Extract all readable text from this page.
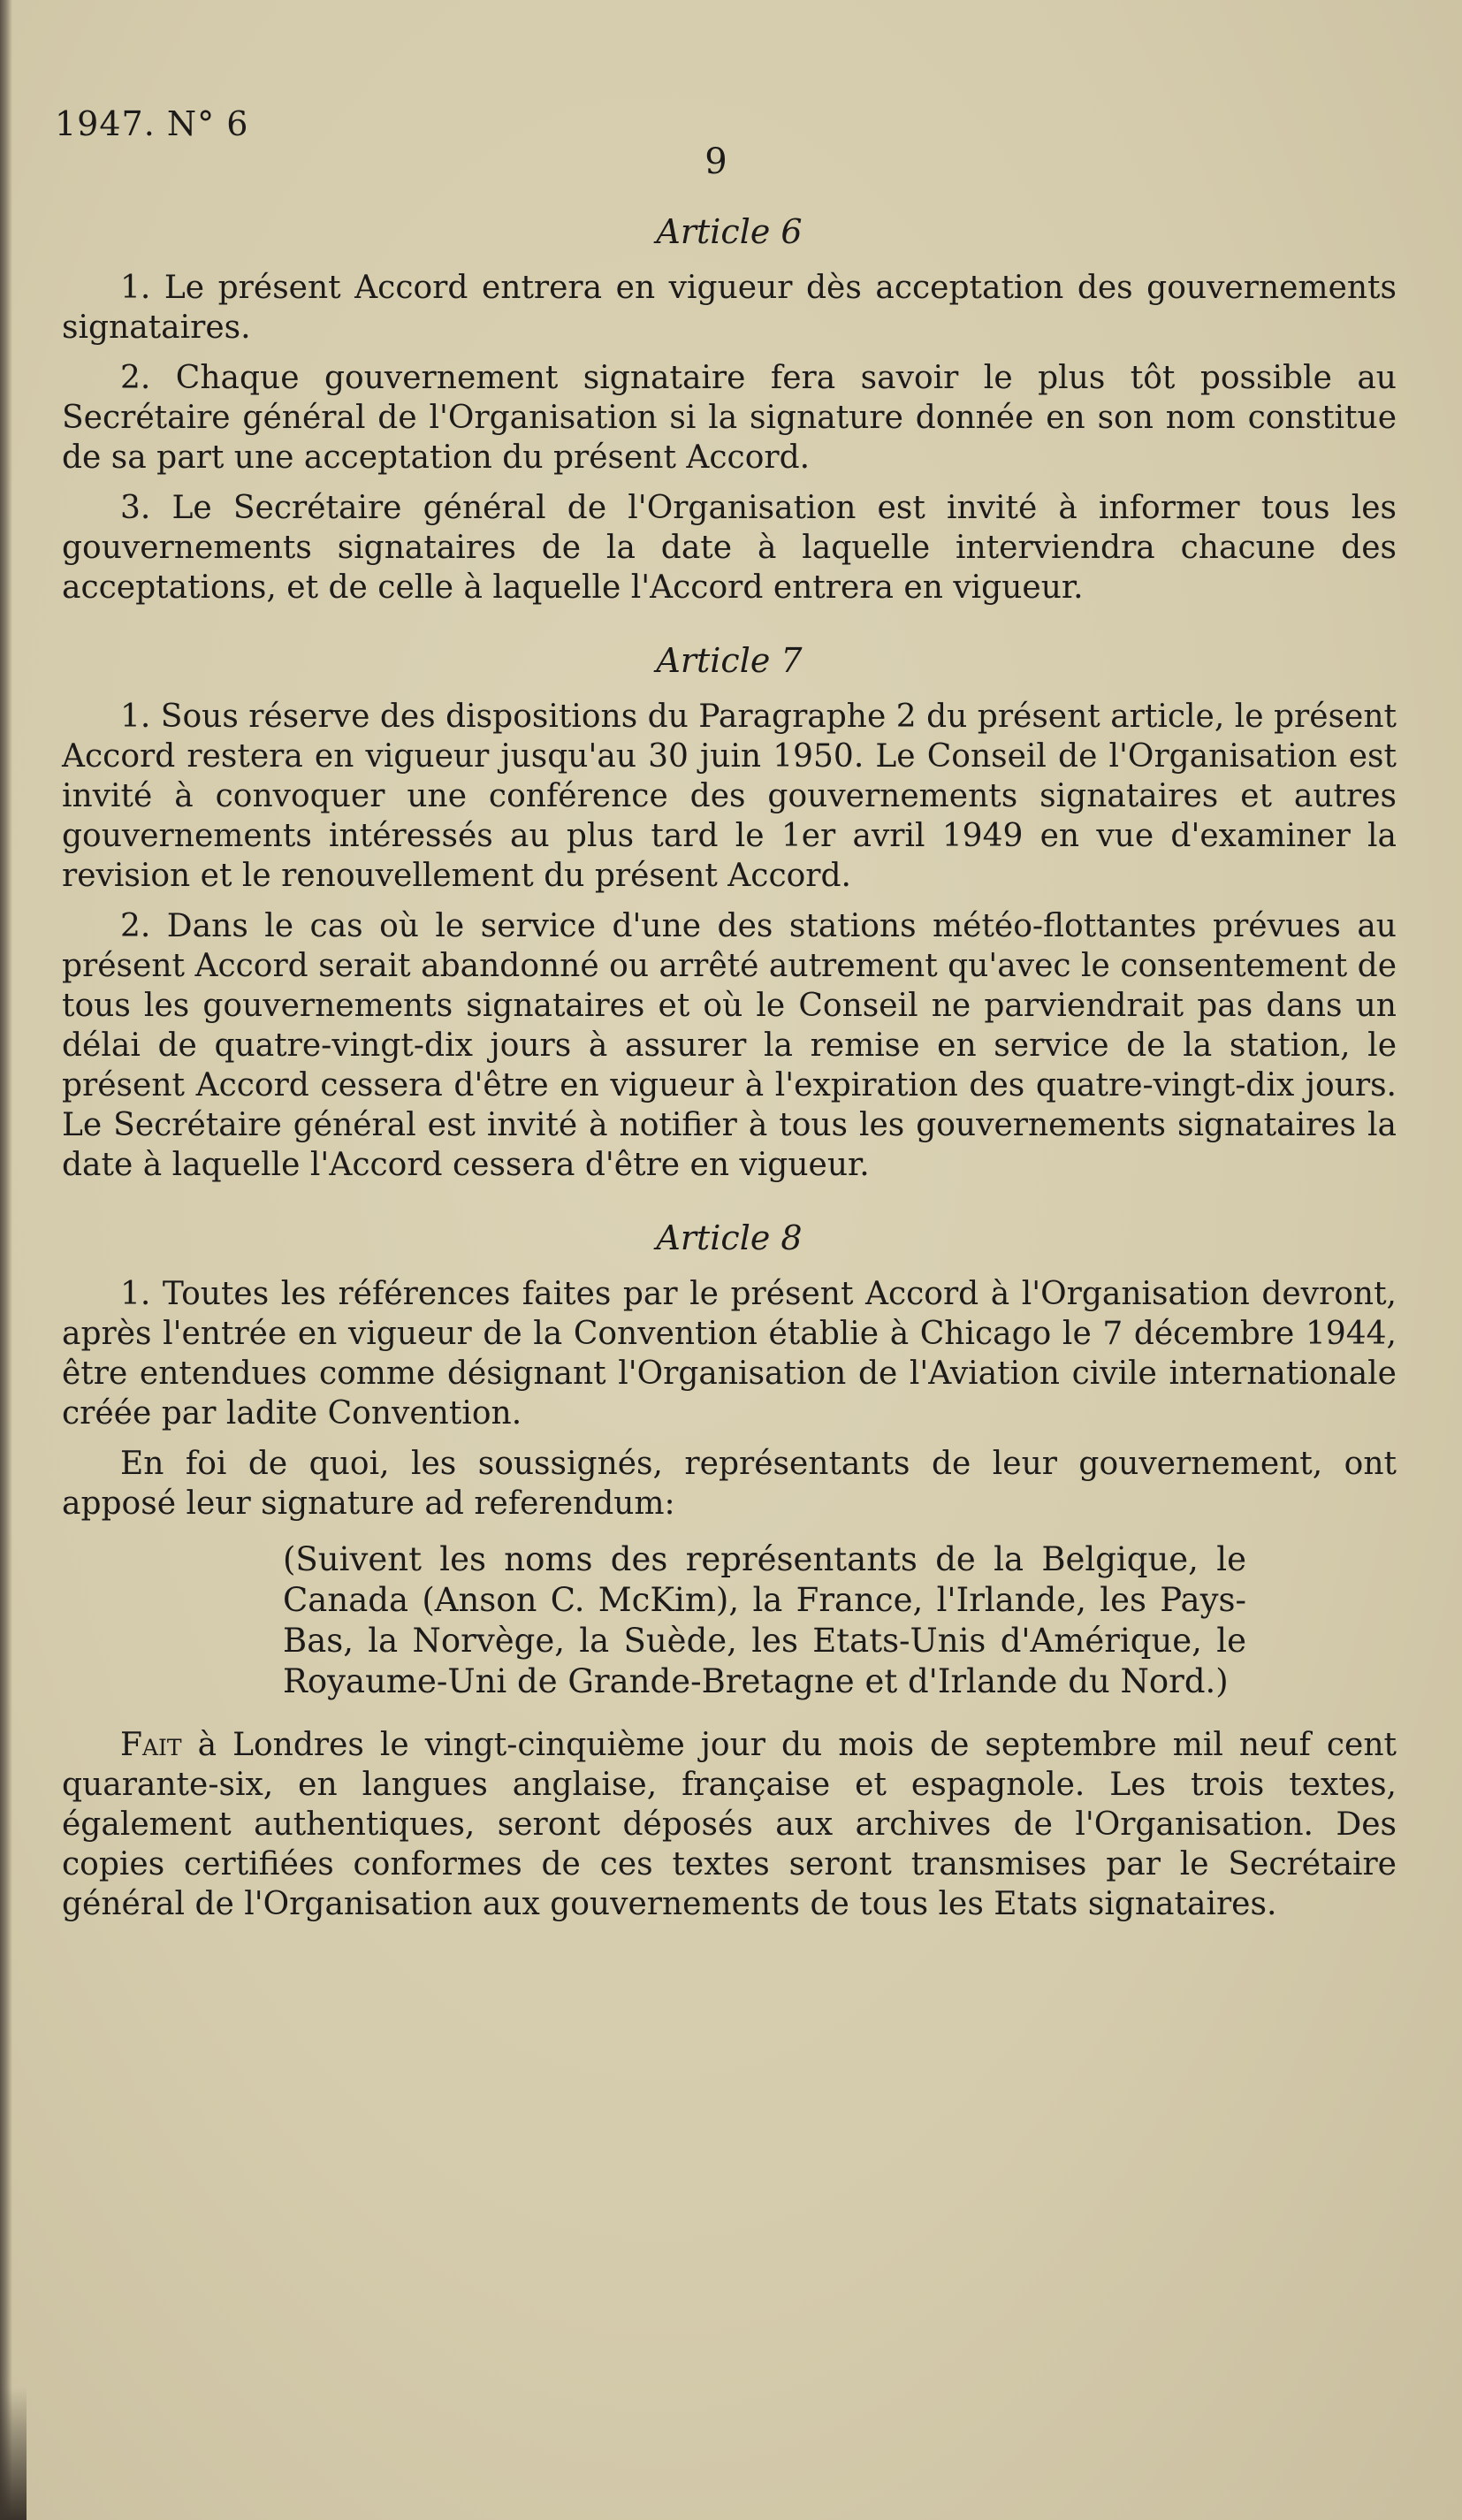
1947. N° 6
9
Article 6

1. Le présent Accord entrera en vigueur dès acceptation des gouvernements signataires.

2. Chaque gouvernement signataire fera savoir le plus tôt possible au Secrétaire général de l'Organisation si la signature donnée en son nom constitue de sa part une acceptation du présent Accord.

3. Le Secrétaire général de l'Organisation est invité à informer tous les gouvernements signataires de la date à laquelle interviendra chacune des acceptations, et de celle à laquelle l'Accord entrera en vigueur.

Article 7

1. Sous réserve des dispositions du Paragraphe 2 du présent article, le présent Accord restera en vigueur jusqu'au 30 juin 1950. Le Conseil de l'Organisation est invité à convoquer une conférence des gouvernements signataires et autres gouvernements intéressés au plus tard le 1er avril 1949 en vue d'examiner la revision et le renouvellement du présent Accord.

2. Dans le cas où le service d'une des stations météo-flottantes prévues au présent Accord serait abandonné ou arrêté autrement qu'avec le consentement de tous les gouvernements signataires et où le Conseil ne parviendrait pas dans un délai de quatre-vingt-dix jours à assurer la remise en service de la station, le présent Accord cessera d'être en vigueur à l'expiration des quatre-vingt-dix jours. Le Secrétaire général est invité à notifier à tous les gouvernements signataires la date à laquelle l'Accord cessera d'être en vigueur.

Article 8

1. Toutes les références faites par le présent Accord à l'Organisation devront, après l'entrée en vigueur de la Convention établie à Chicago le 7 décembre 1944, être entendues comme désignant l'Organisation de l'Aviation civile internationale créée par ladite Convention.

En foi de quoi, les soussignés, représentants de leur gouvernement, ont apposé leur signature ad referendum:

(Suivent les noms des représentants de la Belgique, le Canada (Anson C. McKim), la France, l'Irlande, les Pays-Bas, la Norvège, la Suède, les Etats-Unis d'Amérique, le Royaume-Uni de Grande-Bretagne et d'Irlande du Nord.)

Fait à Londres le vingt-cinquième jour du mois de septembre mil neuf cent quarante-six, en langues anglaise, française et espagnole. Les trois textes, également authentiques, seront déposés aux archives de l'Organisation. Des copies certifiées conformes de ces textes seront transmises par le Secrétaire général de l'Organisation aux gouvernements de tous les Etats signataires.
